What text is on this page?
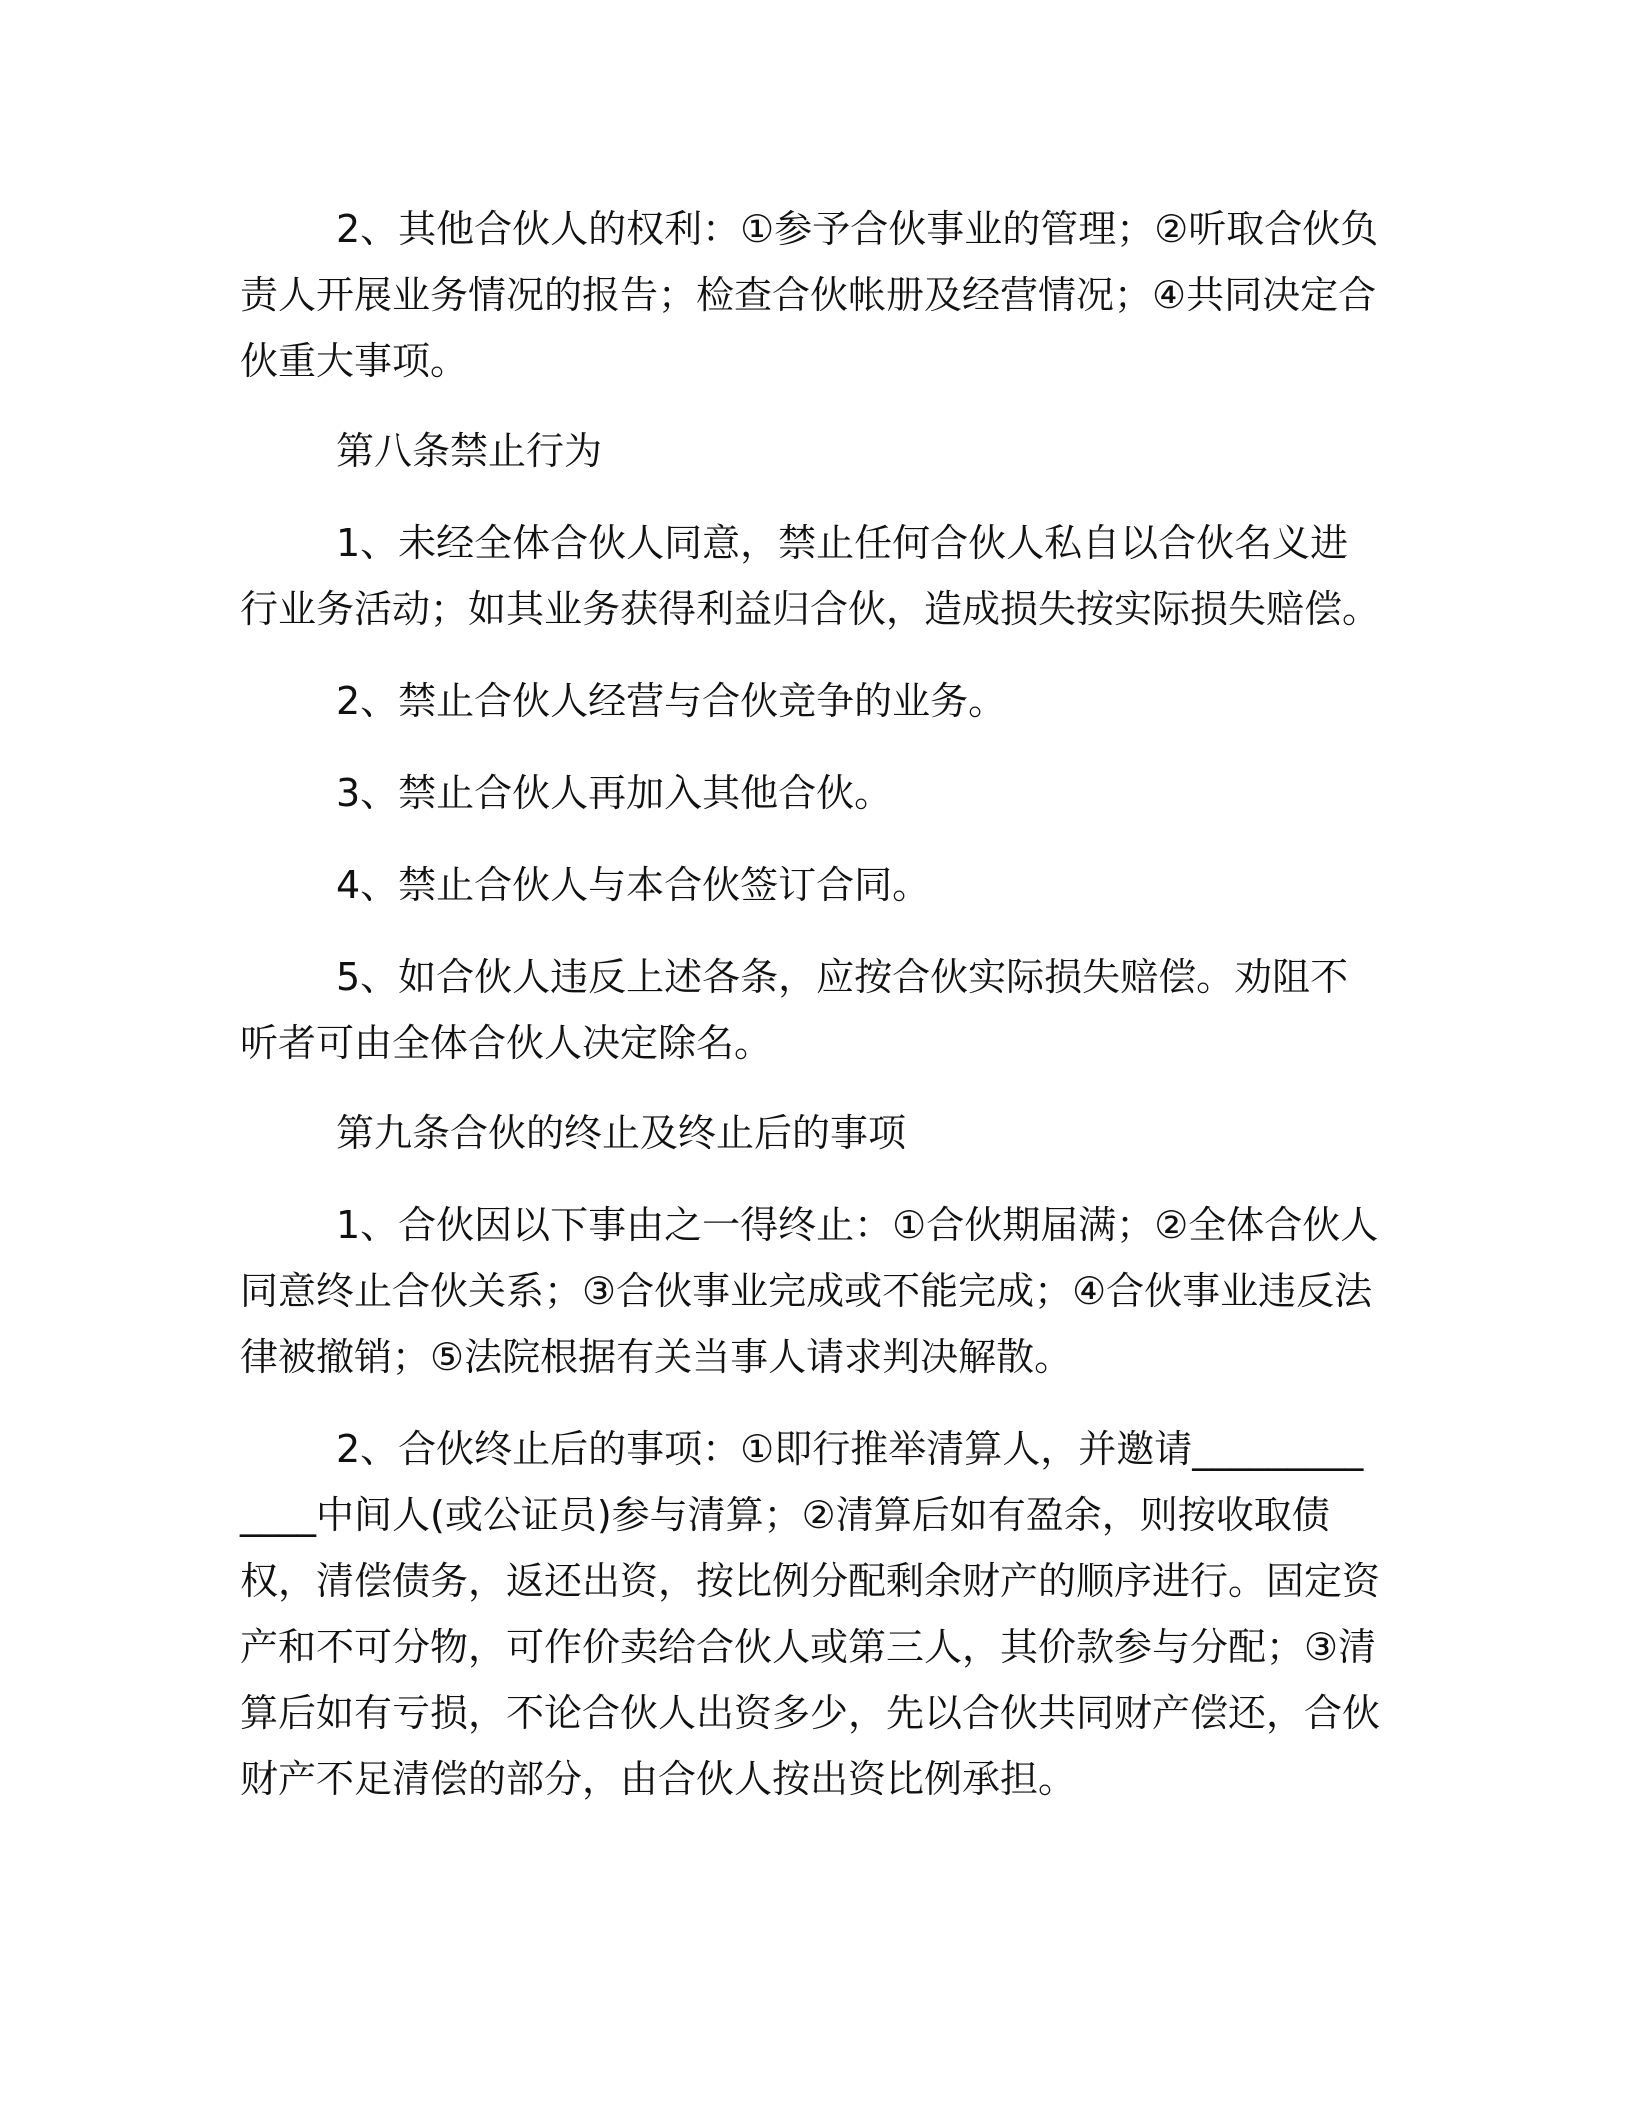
2、其他合伙人的权利：①参予合伙事业的管理；②听取合伙负责人开展业务情况的报告；检查合伙帐册及经营情况；④共同决定合伙重大事项。

第八条禁止行为

1、未经全体合伙人同意，禁止任何合伙人私自以合伙名义进行业务活动；如其业务获得利益归合伙，造成损失按实际损失赔偿。

2、禁止合伙人经营与合伙竞争的业务。

3、禁止合伙人再加入其他合伙。

4、禁止合伙人与本合伙签订合同。

5、如合伙人违反上述各条，应按合伙实际损失赔偿。劝阻不听者可由全体合伙人决定除名。

第九条合伙的终止及终止后的事项

1、合伙因以下事由之一得终止：①合伙期届满；②全体合伙人同意终止合伙关系；③合伙事业完成或不能完成；④合伙事业违反法律被撤销；⑤法院根据有关当事人请求判决解散。

2、合伙终止后的事项：①即行推举清算人，并邀请_____________中间人(或公证员)参与清算；②清算后如有盈余，则按收取债权，清偿债务，返还出资，按比例分配剩余财产的顺序进行。固定资产和不可分物，可作价卖给合伙人或第三人，其价款参与分配；③清算后如有亏损，不论合伙人出资多少，先以合伙共同财产偿还，合伙财产不足清偿的部分，由合伙人按出资比例承担。
